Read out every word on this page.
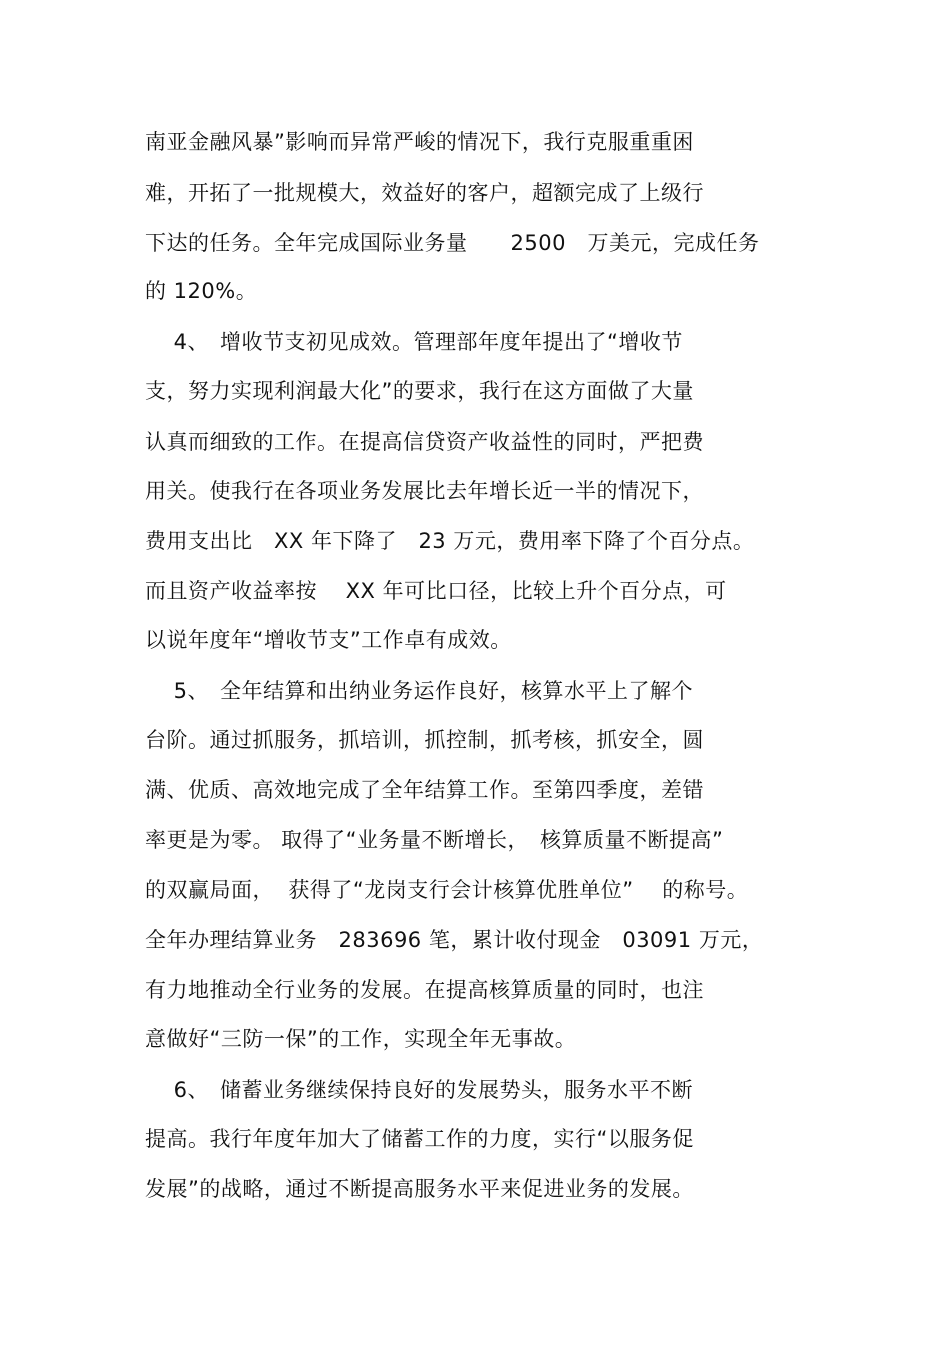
南亚金融风暴”影响而异常严峻的情况下，我行克服重重困
难，开拓了一批规模大，效益好的客户，超额完成了上级行
下达的任务。全年完成国际业务量　　2500　万美元，完成任务
的 120%。
　 4、　增收节支初见成效。管理部年度年提出了“增收节
支，努力实现利润最大化”的要求，我行在这方面做了大量
认真而细致的工作。在提高信贷资产收益性的同时，严把费
用关。使我行在各项业务发展比去年增长近一半的情况下，
费用支出比　XX 年下降了　23 万元，费用率下降了个百分点。
而且资产收益率按　 XX 年可比口径，比较上升个百分点，可
以说年度年“增收节支”工作卓有成效。
　 5、　全年结算和出纳业务运作良好，核算水平上了解个
台阶。通过抓服务，抓培训，抓控制，抓考核，抓安全，圆
满、优质、高效地完成了全年结算工作。至第四季度，差错
率更是为零。 取得了“业务量不断增长，　核算质量不断提高”
的双赢局面，  获得了“龙岗支行会计核算优胜单位”　 的称号。
全年办理结算业务　283696 笔，累计收付现金　03091 万元，
有力地推动全行业务的发展。在提高核算质量的同时，也注
意做好“三防一保”的工作，实现全年无事故。
　 6、　储蓄业务继续保持良好的发展势头，服务水平不断
提高。我行年度年加大了储蓄工作的力度，实行“以服务促
发展”的战略，通过不断提高服务水平来促进业务的发展。
